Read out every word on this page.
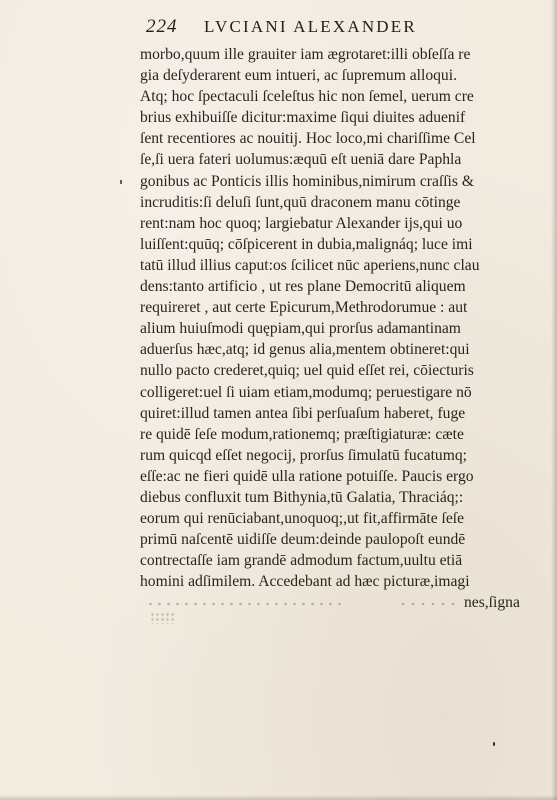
224 LVCIANI ALEXANDER
morbo,quum ille grauiter iam ægrotaret:illi obſeſſa re
gia deſyderarent eum intueri, ac ſupremum alloqui.
Atq; hoc ſpectaculi ſceleſtus hic non ſemel, uerum cre
brius exhibuiſſe dicitur:maxime ſiqui diuites aduenif
ſent recentiores ac nouitij. Hoc loco,mi chariſſime Cel
ſe,ſi uera fateri uolumus:æquū eſt ueniā dare Paphla
gonibus ac Ponticis illis hominibus,nimirum craſſis &
incruditis:ſi deluſi ſunt,quū draconem manu cōtinge
rent:nam hoc quoq; largiebatur Alexander ijs,qui uo
luiſſent:quūq; cōſpicerent in dubia,malignáq; luce imi
tatū illud illius caput:os ſcilicet nūc aperiens,nunc clau
dens:tanto artificio , ut res plane Democritū aliquem
requireret , aut certe Epicurum,Methrodorumue : aut
alium huiuſmodi quępiam,qui prorſus adamantinam
aduerſus hæc,atq; id genus alia,mentem obtineret:qui
nullo pacto crederet,quiq; uel quid eſſet rei, cōiecturis
colligeret:uel ſi uiam etiam,modumq; peruestigare nō
quiret:illud tamen antea ſibi perſuaſum haberet, fuge
re quidē ſeſe modum,rationemq; præſtigiaturæ: cæte
rum quicqd eſſet negocij, prorſus ſimulatū fucatumq;
eſſe:ac ne fieri quidē ulla ratione potuiſſe. Paucis ergo
diebus confluxit tum Bithynia,tū Galatia, Thraciáq;:
eorum qui renūciabant,unoquoq;,ut fit,affirmāte ſeſe
primū naſcentē uidiſſe deum:deinde paulopoſt eundē
contrectaſſe iam grandē admodum factum,uultu etiā
homini adſimilem. Accedebant ad hæc picturæ,imagi
nes,ſigna
